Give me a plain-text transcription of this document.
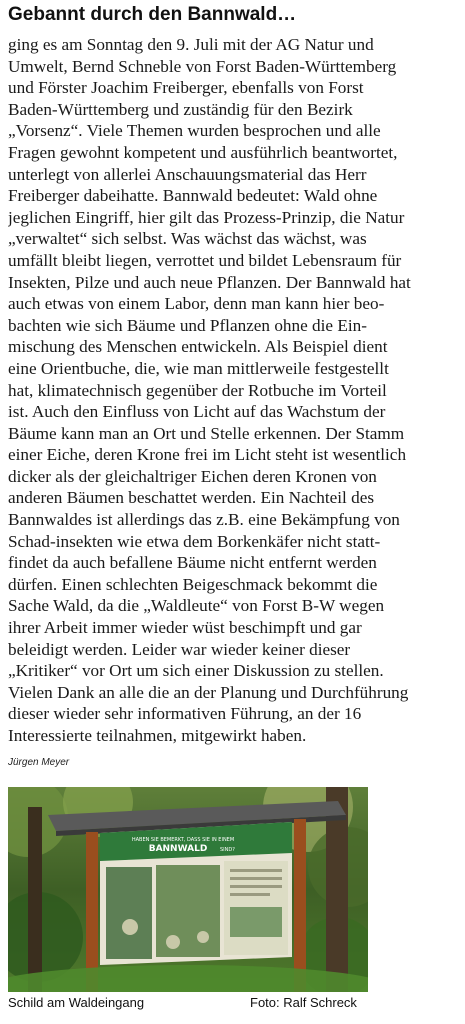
Gebannt durch den Bannwald…
ging es am Sonntag den 9. Juli mit der AG Natur und
Umwelt, Bernd Schneble von Forst Baden-Württemberg
und Förster Joachim Freiberger, ebenfalls von Forst
Baden-Württemberg und zuständig für den Bezirk
„Vorsenz“. Viele Themen wurden besprochen und alle
Fragen gewohnt kompetent und ausführlich beantwortet,
unterlegt von allerlei Anschauungsmaterial das Herr
Freiberger dabeihatte. Bannwald bedeutet: Wald ohne
jeglichen Eingriff, hier gilt das Prozess-Prinzip, die Natur
„verwaltet“ sich selbst. Was wächst das wächst, was
umfällt bleibt liegen, verrottet und bildet Lebensraum für
Insekten, Pilze und auch neue Pflanzen. Der Bannwald hat
auch etwas von einem Labor, denn man kann hier beo-
bachten wie sich Bäume und Pflanzen ohne die Ein-
mischung des Menschen entwickeln. Als Beispiel dient
eine Orientbuche, die, wie man mittlerweile festgestellt
hat, klimatechnisch gegenüber der Rotbuche im Vorteil
ist. Auch den Einfluss von Licht auf das Wachstum der
Bäume kann man an Ort und Stelle erkennen. Der Stamm
einer Eiche, deren Krone frei im Licht steht ist wesentlich
dicker als der gleichaltriger Eichen deren Kronen von
anderen Bäumen beschattet werden. Ein Nachteil des
Bannwaldes ist allerdings das z.B. eine Bekämpfung von
Schad-insekten wie etwa dem Borkenkäfer nicht statt-
findet da auch befallene Bäume nicht entfernt werden
dürfen. Einen schlechten Beigeschmack bekommt die
Sache Wald, da die „Waldleute“ von Forst B-W wegen
ihrer Arbeit immer wieder wüst beschimpft und gar
beleidigt werden. Leider war wieder keiner dieser
„Kritiker“ vor Ort um sich einer Diskussion zu stellen.
Vielen Dank an alle die an der Planung und Durchführung
dieser wieder sehr informativen Führung, an der 16
Interessierte teilnahmen, mitgewirkt haben.
Jürgen Meyer
HABEN SIE BEMERKT, DASS SIE IN EINEM
BANNWALD	SIND?
Schild am Waldeingang	Foto: Ralf Schreck
